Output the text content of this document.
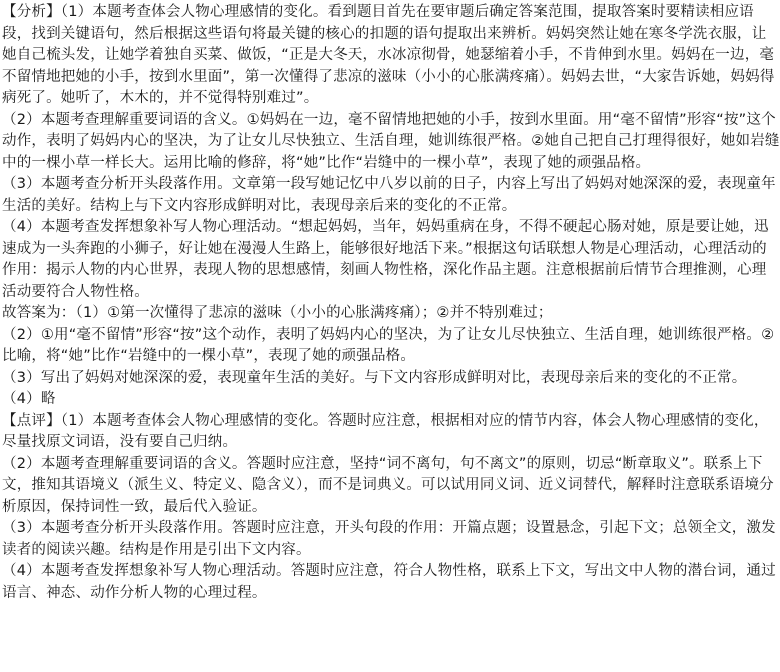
【分析】（1）本题考查体会人物心理感情的变化。看到题目首先在要审题后确定答案范围，提取答案时要精读相应语段，找到关键语句，然后根据这些语句将最关键的核心的扣题的语句提取出来辨析。妈妈突然让她在寒冬学洗衣服，让她自己梳头发，让她学着独自买菜、做饭，“正是大冬天，水冰凉彻骨，她瑟缩着小手，不肯伸到水里。妈妈在一边，毫不留情地把她的小手，按到水里面”，第一次懂得了悲凉的滋味（小小的心胀满疼痛）。妈妈去世，“大家告诉她，妈妈得病死了。她听了，木木的，并不觉得特别难过”。

（2）本题考查理解重要词语的含义。①妈妈在一边，毫不留情地把她的小手，按到水里面。用“毫不留情”形容“按”这个动作，表明了妈妈内心的坚决，为了让女儿尽快独立、生活自理，她训练很严格。②她自己把自己打理得很好，她如岩缝中的一棵小草一样长大。运用比喻的修辞，将“她”比作“岩缝中的一棵小草”，表现了她的顽强品格。

（3）本题考查分析开头段落作用。文章第一段写她记忆中八岁以前的日子，内容上写出了妈妈对她深深的爱，表现童年生活的美好。结构上与下文内容形成鲜明对比，表现母亲后来的变化的不正常。

（4）本题考查发挥想象补写人物心理活动。“想起妈妈，当年，妈妈重病在身，不得不硬起心肠对她，原是要让她，迅速成为一头奔跑的小狮子，好让她在漫漫人生路上，能够很好地活下来。”根据这句话联想人物是心理活动，心理活动的作用：揭示人物的内心世界，表现人物的思想感情，刻画人物性格，深化作品主题。注意根据前后情节合理推测，心理活动要符合人物性格。

故答案为：（1）①第一次懂得了悲凉的滋味（小小的心胀满疼痛）；②并不特别难过；

（2）①用“毫不留情”形容“按”这个动作，表明了妈妈内心的坚决，为了让女儿尽快独立、生活自理，她训练很严格。②比喻，将“她”比作“岩缝中的一棵小草”，表现了她的顽强品格。

（3）写出了妈妈对她深深的爱，表现童年生活的美好。与下文内容形成鲜明对比，表现母亲后来的变化的不正常。

（4）略

【点评】（1）本题考查体会人物心理感情的变化。答题时应注意，根据相对应的情节内容，体会人物心理感情的变化，尽量找原文词语，没有要自己归纳。

（2）本题考查理解重要词语的含义。答题时应注意，坚持“词不离句，句不离文”的原则，切忌“断章取义”。联系上下文，推知其语境义（派生义、特定义、隐含义），而不是词典义。可以试用同义词、近义词替代，解释时注意联系语境分析原因，保持词性一致，最后代入验证。

（3）本题考查分析开头段落作用。答题时应注意，开头句段的作用：开篇点题；设置悬念，引起下文；总领全文，激发读者的阅读兴趣。结构是作用是引出下文内容。

（4）本题考查发挥想象补写人物心理活动。答题时应注意，符合人物性格，联系上下文，写出文中人物的潜台词，通过语言、神态、动作分析人物的心理过程。
